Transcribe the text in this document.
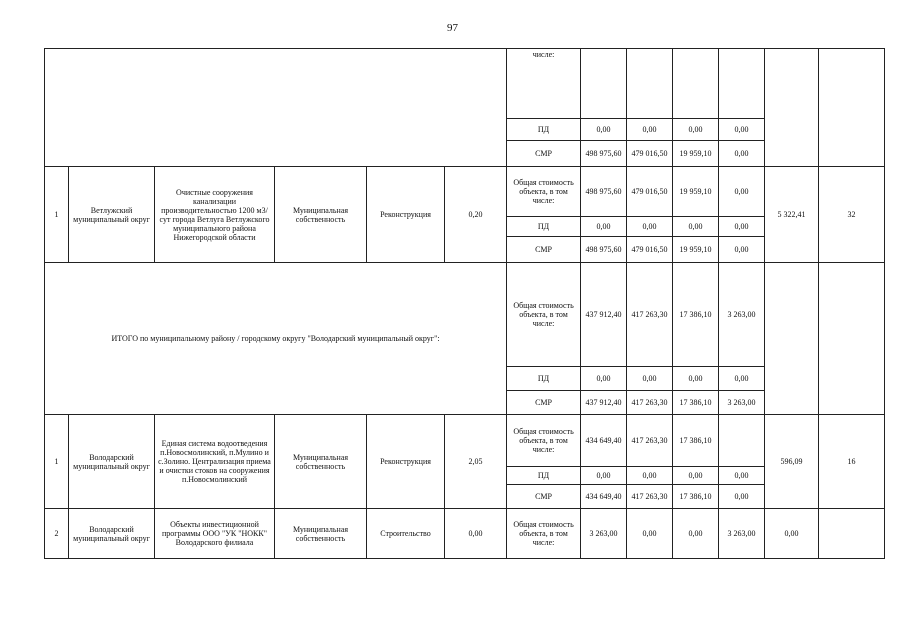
97
						числе:						
						ПД	0,00	0,00	0,00	0,00		
						СМР	498 975,60	479 016,50	19 959,10	0,00		
1	Ветлужский муниципальный округ	Очистные сооружения канализации производительностью 1200 м3/сут города Ветлуга Ветлужского муниципального района Нижегородской области	Муниципальная собственность	Реконструкция	0,20	Общая стоимость объекта, в том числе:	498 975,60	479 016,50	19 959,10	0,00	5 322,41	32
						ПД	0,00	0,00	0,00	0,00		
						СМР	498 975,60	479 016,50	19 959,10	0,00		
ИТОГО по муниципальному району / городскому округу "Володарский муниципальный округ":						Общая стоимость объекта, в том числе:	437 912,40	417 263,30	17 386,10	3 263,00		
						ПД	0,00	0,00	0,00	0,00		
						СМР	437 912,40	417 263,30	17 386,10	3 263,00		
1	Володарский муниципальный округ	Единая система водоотведения п.Новосмолинский, п.Мулино и с.Золино. Централизация приема и очистки стоков на сооружения п.Новосмолинский	Муниципальная собственность	Реконструкция	2,05	Общая стоимость объекта, в том числе:	434 649,40	417 263,30	17 386,10		596,09	16
						ПД	0,00	0,00	0,00	0,00		
						СМР	434 649,40	417 263,30	17 386,10	0,00		
2	Володарский муниципальный округ	Объекты инвестиционной программы ООО "УК "НОКК" Володарского филиала	Муниципальная собственность	Строительство	0,00	Общая стоимость объекта, в том числе:	3 263,00	0,00	0,00	3 263,00	0,00	
